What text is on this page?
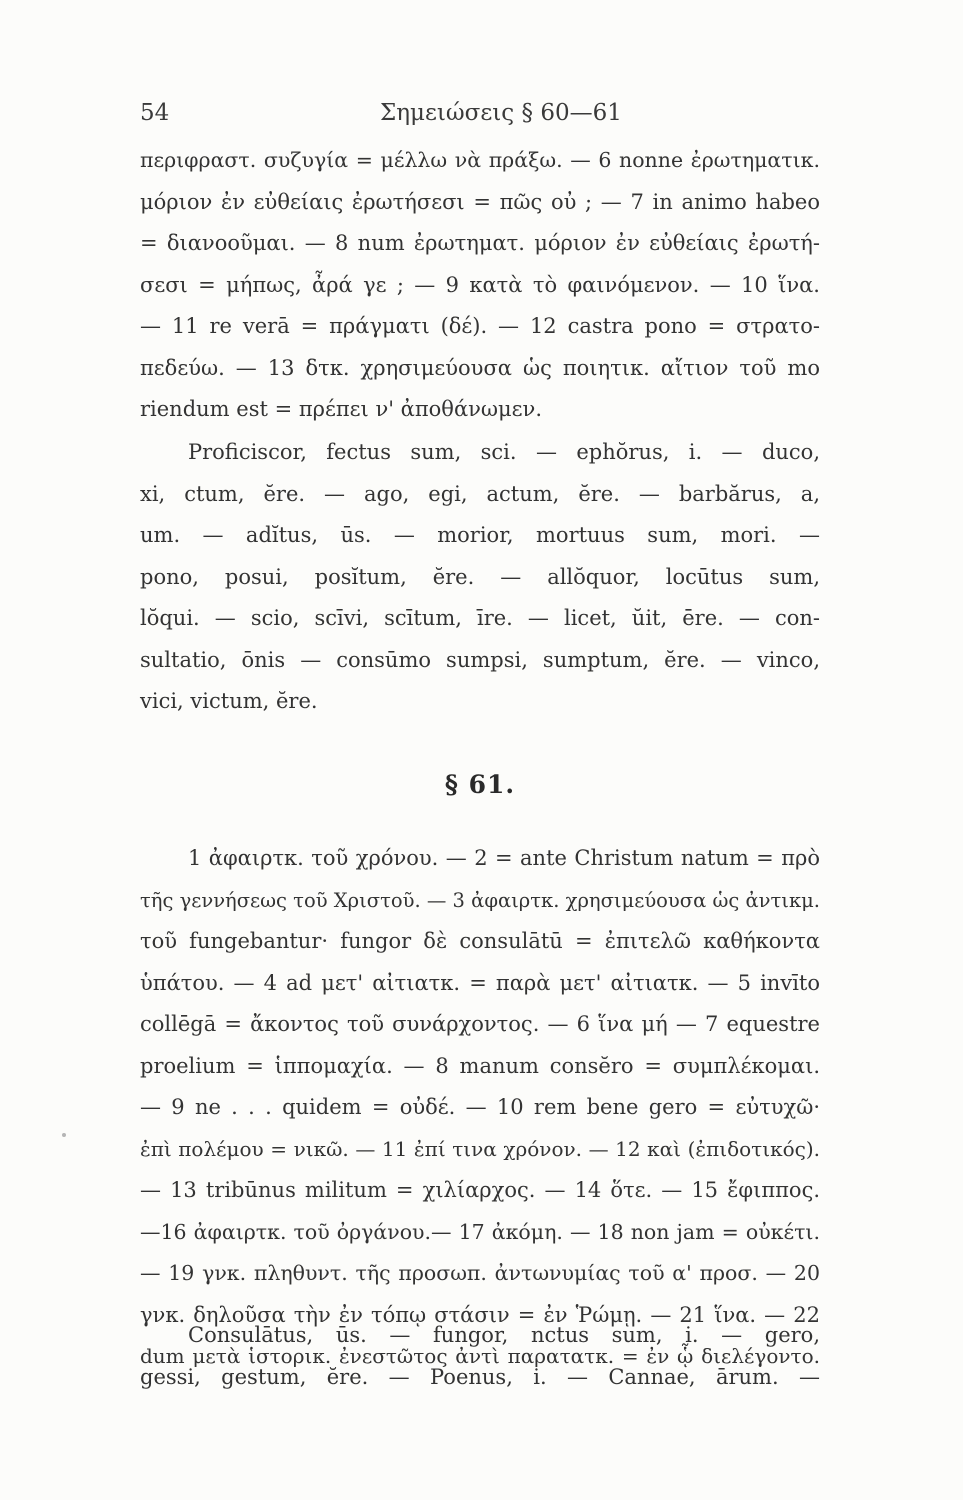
54	Σημειώσεις § 60—61
περιφραστ. συζυγία = μέλλω νὰ πράξω. — 6 nonne ἐρωτηματικ.
μόριον ἐν εὐθείαις ἐρωτήσεσι = πῶς οὐ ; — 7 in animo habeo
= διανοοῦμαι. — 8 num ἐρωτηματ. μόριον ἐν εὐθείαις ἐρωτή-
σεσι = μήπως, ἆρά γε ; — 9 κατὰ τὸ φαινόμενον. — 10 ἵνα.
— 11 re verā = πράγματι (δέ). — 12 castra pono = στρατο-
πεδεύω. — 13 δτκ. χρησιμεύουσα ὡς ποιητικ. αἴτιον τοῦ mo
riendum est = πρέπει ν' ἀποθάνωμεν.
Proficiscor, fectus sum, sci. — ephŏrus, i. — duco,
xi, ctum, ĕre. — ago, egi, actum, ĕre. — barbărus, a,
um. — adĭtus, ūs. — morior, mortuus sum, mori. —
pono, posui, posĭtum, ĕre. — allŏquor, locūtus sum,
lŏqui. — scio, scīvi, scītum, īre. — licet, ŭit, ēre. — con-
sultatio, ōnis — consūmo sumpsi, sumptum, ĕre. — vinco,
vici, victum, ĕre.
§ 61.
1 ἀφαιρτκ. τοῦ χρόνου. — 2 = ante Christum natum = πρὸ
τῆς γεννήσεως τοῦ Χριστοῦ. — 3 ἀφαιρτκ. χρησιμεύουσα ὡς ἀντικμ.
τοῦ fungebantur· fungor δὲ consulātū = ἐπιτελῶ καθήκοντα
ὑπάτου. — 4 ad μετ' αἰτιατκ. = παρὰ μετ' αἰτιατκ. — 5 invīto
collēgā = ἄκοντος τοῦ συνάρχοντος. — 6 ἵνα μή — 7 equestre
proelium = ἱππομαχία. — 8 manum consĕro = συμπλέκομαι.
— 9 ne . . . quidem = οὐδέ. — 10 rem bene gero = εὐτυχῶ·
ἐπὶ πολέμου = νικῶ. — 11 ἐπί τινα χρόνον. — 12 καὶ (ἐπιδοτικός).
— 13 tribūnus militum = χιλίαρχος. — 14 ὅτε. — 15 ἔφιππος.
—16 ἀφαιρτκ. τοῦ ὀργάνου.— 17 ἀκόμη. — 18 non jam = οὐκέτι.
— 19 γνκ. πληθυντ. τῆς προσωπ. ἀντωνυμίας τοῦ α' προσ. — 20
γνκ. δηλοῦσα τὴν ἐν τόπῳ στάσιν = ἐν Ῥώμῃ. — 21 ἵνα. — 22
dum μετὰ ἱστορικ. ἐνεστῶτος ἀντὶ παρατατκ. = ἐν ᾧ διελέγοντο.
Consulātus, ūs. — fungor, nctus sum, i. — gero,
gessi, gestum, ĕre. — Poenus, i. — Cannae, ārum. —
